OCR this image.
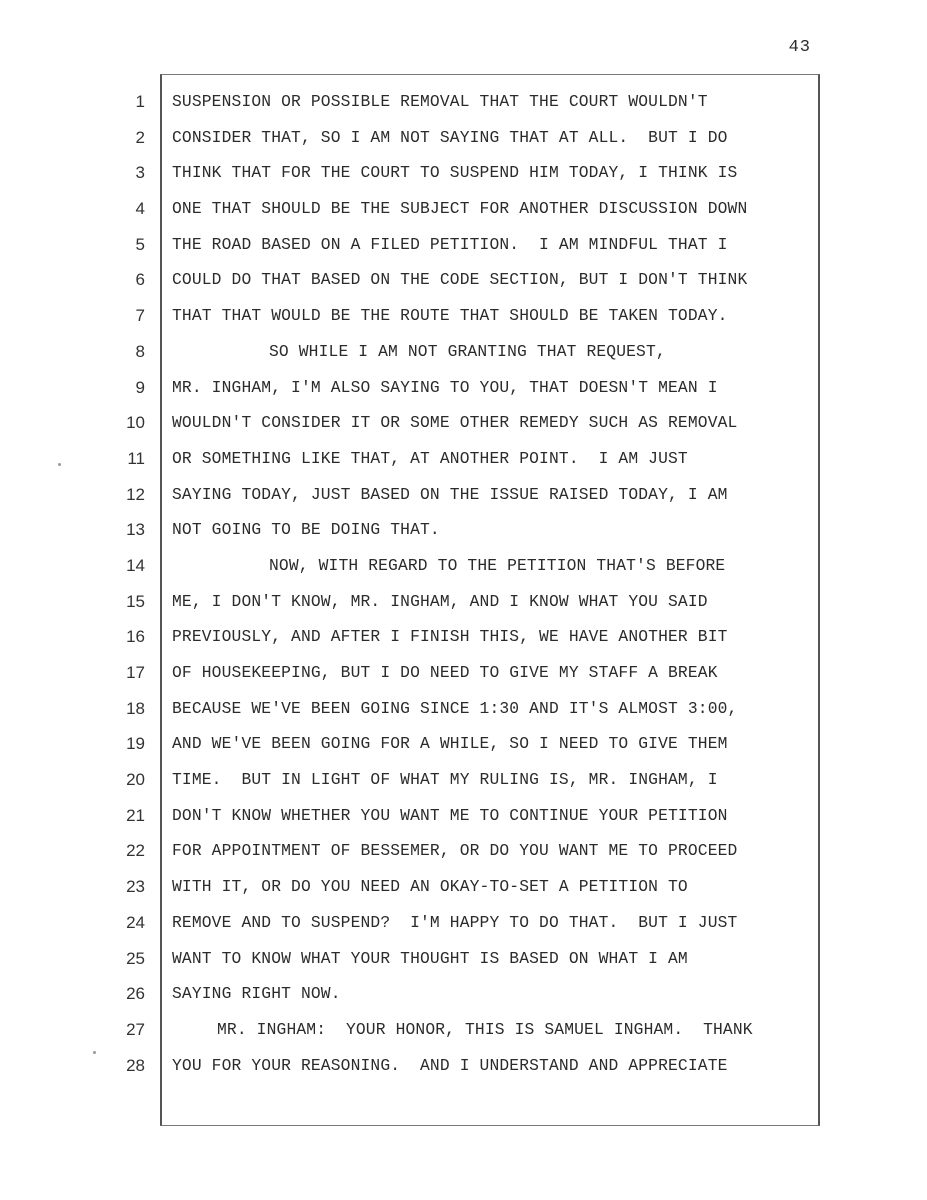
43
1
2
3
4
5
6
7
8
9
10
11
12
13
14
15
16
17
18
19
20
21
22
23
24
25
26
27
28
SUSPENSION OR POSSIBLE REMOVAL THAT THE COURT WOULDN'T
CONSIDER THAT, SO I AM NOT SAYING THAT AT ALL.  BUT I DO
THINK THAT FOR THE COURT TO SUSPEND HIM TODAY, I THINK IS
ONE THAT SHOULD BE THE SUBJECT FOR ANOTHER DISCUSSION DOWN
THE ROAD BASED ON A FILED PETITION.  I AM MINDFUL THAT I
COULD DO THAT BASED ON THE CODE SECTION, BUT I DON'T THINK
THAT THAT WOULD BE THE ROUTE THAT SHOULD BE TAKEN TODAY.
SO WHILE I AM NOT GRANTING THAT REQUEST,
MR. INGHAM, I'M ALSO SAYING TO YOU, THAT DOESN'T MEAN I
WOULDN'T CONSIDER IT OR SOME OTHER REMEDY SUCH AS REMOVAL
OR SOMETHING LIKE THAT, AT ANOTHER POINT.  I AM JUST
SAYING TODAY, JUST BASED ON THE ISSUE RAISED TODAY, I AM
NOT GOING TO BE DOING THAT.
NOW, WITH REGARD TO THE PETITION THAT'S BEFORE
ME, I DON'T KNOW, MR. INGHAM, AND I KNOW WHAT YOU SAID
PREVIOUSLY, AND AFTER I FINISH THIS, WE HAVE ANOTHER BIT
OF HOUSEKEEPING, BUT I DO NEED TO GIVE MY STAFF A BREAK
BECAUSE WE'VE BEEN GOING SINCE 1:30 AND IT'S ALMOST 3:00,
AND WE'VE BEEN GOING FOR A WHILE, SO I NEED TO GIVE THEM
TIME.  BUT IN LIGHT OF WHAT MY RULING IS, MR. INGHAM, I
DON'T KNOW WHETHER YOU WANT ME TO CONTINUE YOUR PETITION
FOR APPOINTMENT OF BESSEMER, OR DO YOU WANT ME TO PROCEED
WITH IT, OR DO YOU NEED AN OKAY-TO-SET A PETITION TO
REMOVE AND TO SUSPEND?  I'M HAPPY TO DO THAT.  BUT I JUST
WANT TO KNOW WHAT YOUR THOUGHT IS BASED ON WHAT I AM
SAYING RIGHT NOW.
MR. INGHAM:  YOUR HONOR, THIS IS SAMUEL INGHAM.  THANK
YOU FOR YOUR REASONING.  AND I UNDERSTAND AND APPRECIATE
